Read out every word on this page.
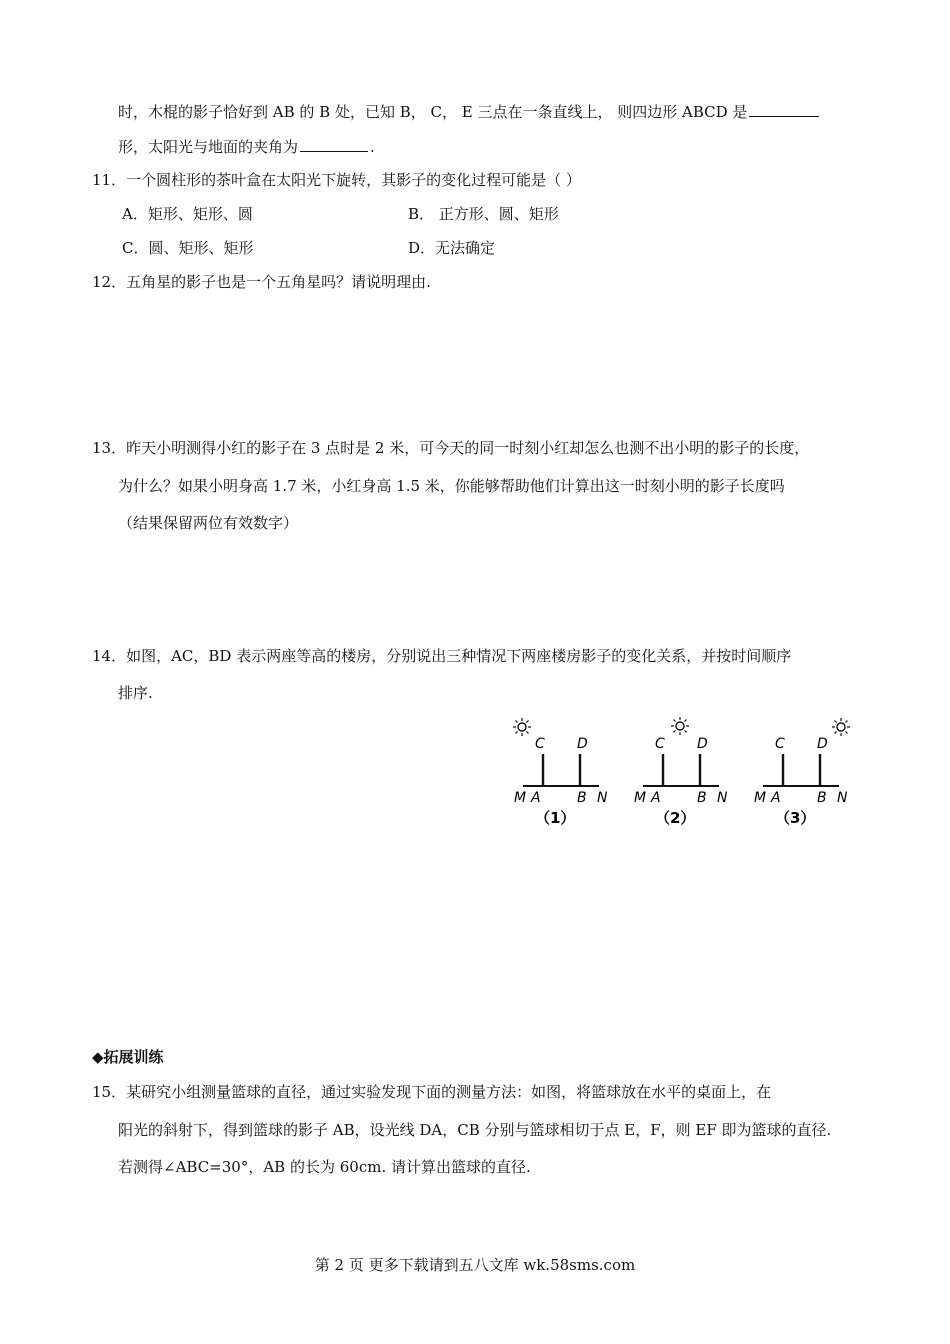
时，木棍的影子恰好到 AB 的 B 处，已知 B， C， E 三点在一条直线上， 则四边形 ABCD 是
形，太阳光与地面的夹角为	.
11．一个圆柱形的茶叶盒在太阳光下旋转，其影子的变化过程可能是（ ）
A．矩形、矩形、圆	B． 正方形、圆、矩形
C．圆、矩形、矩形	D．无法确定
12．五角星的影子也是一个五角星吗？请说明理由.
13．昨天小明测得小红的影子在 3 点时是 2 米，可今天的同一时刻小红却怎么也测不出小明的影子的长度，
为什么？如果小明身高 1.7 米，小红身高 1.5 米，你能够帮助他们计算出这一时刻小明的影子长度吗
（结果保留两位有效数字）
14．如图，AC，BD 表示两座等高的楼房，分别说出三种情况下两座楼房影子的变化关系，并按时间顺序
排序.
C D
M A	B N
（1）
C D
M A	B N
（2）
C D
M A	B N
（3）
◆拓展训练
15．某研究小组测量篮球的直径，通过实验发现下面的测量方法：如图，将篮球放在水平的桌面上，在
阳光的斜射下，得到篮球的影子 AB，设光线 DA，CB 分别与篮球相切于点 E，F，则 EF 即为篮球的直径.
若测得∠ABC=30°，AB 的长为 60cm. 请计算出篮球的直径.
第 2 页 更多下载请到五八文库 wk.58sms.com
